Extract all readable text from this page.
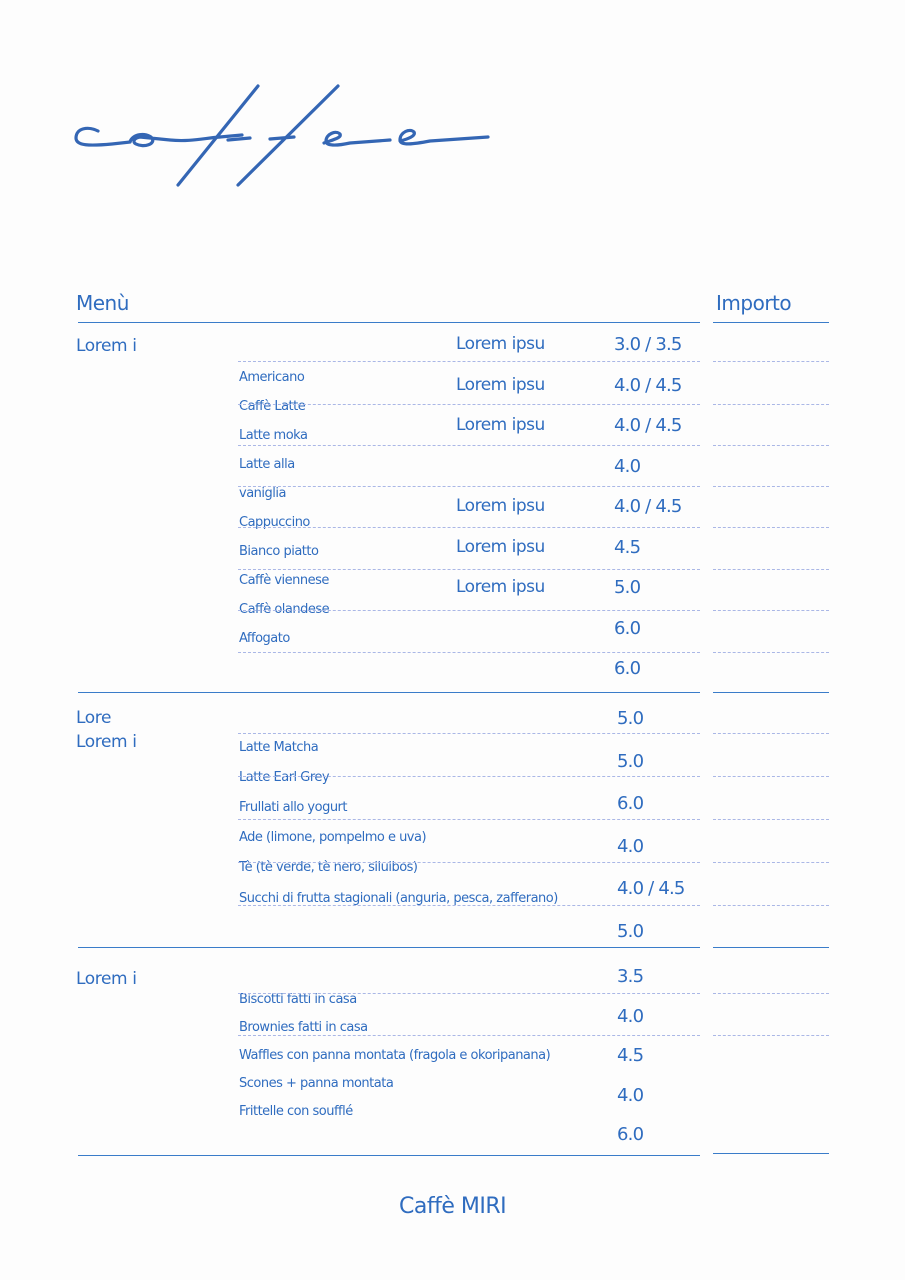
Menù	Importo
Lorem i
Americano
Caffè Latte
Latte moka
Latte alla
vaniglia
Cappuccino
Bianco piatto
Caffè viennese
Caffè olandese
Affogato
Lorem ipsu
Lorem ipsu
Lorem ipsu
Lorem ipsu
Lorem ipsu
Lorem ipsu
3.0 / 3.5
4.0 / 4.5
4.0 / 4.5
4.0
4.0 / 4.5
4.5
5.0
6.0
6.0
Lore
Lorem i	Latte Matcha
Latte Earl Grey
Frullati allo yogurt
Ade (limone, pompelmo e uva)
Tè (tè verde, tè nero, siluibos)
Succhi di frutta stagionali (anguria, pesca, zafferano)
5.0
5.0
6.0
4.0
4.0 / 4.5
5.0
Lorem i
Biscotti fatti in casa
Brownies fatti in casa
Waffles con panna montata (fragola e okoripanana)
Scones + panna montata
Frittelle con soufflé
3.5
4.0
4.5
4.0
6.0
Caffè MIRI
